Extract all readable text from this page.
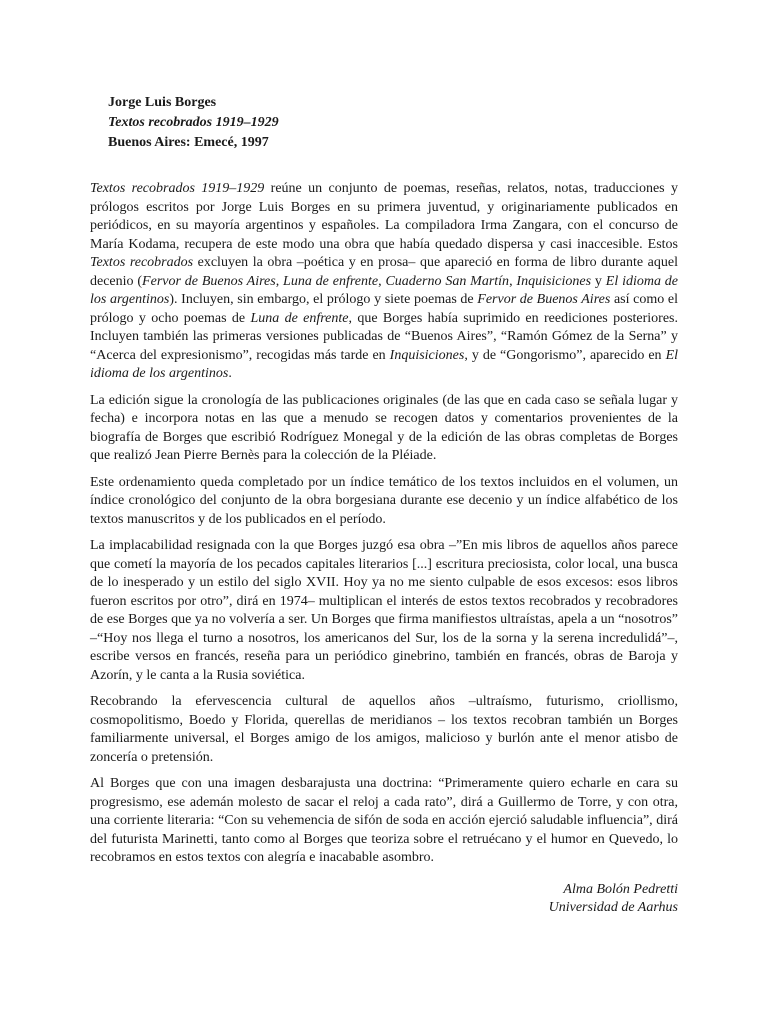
Jorge Luis Borges
Textos recobrados 1919–1929
Buenos Aires: Emecé, 1997

Textos recobrados 1919–1929 reúne un conjunto de poemas, reseñas, relatos, notas, traducciones y prólogos escritos por Jorge Luis Borges en su primera juventud, y originariamente publicados en periódicos, en su mayoría argentinos y españoles. La compiladora Irma Zangara, con el concurso de María Kodama, recupera de este modo una obra que había quedado dispersa y casi inaccesible. Estos Textos recobrados excluyen la obra –poética y en prosa– que apareció en forma de libro durante aquel decenio (Fervor de Buenos Aires, Luna de enfrente, Cuaderno San Martín, Inquisiciones y El idioma de los argentinos). Incluyen, sin embargo, el prólogo y siete poemas de Fervor de Buenos Aires así como el prólogo y ocho poemas de Luna de enfrente, que Borges había suprimido en reediciones posteriores. Incluyen también las primeras versiones publicadas de “Buenos Aires”, “Ramón Gómez de la Serna” y “Acerca del expresionismo”, recogidas más tarde en Inquisiciones, y de “Gongorismo”, aparecido en El idioma de los argentinos.

La edición sigue la cronología de las publicaciones originales (de las que en cada caso se señala lugar y fecha) e incorpora notas en las que a menudo se recogen datos y comentarios provenientes de la biografía de Borges que escribió Rodríguez Monegal y de la edición de las obras completas de Borges que realizó Jean Pierre Bernès para la colección de la Pléiade.

Este ordenamiento queda completado por un índice temático de los textos incluidos en el volumen, un índice cronológico del conjunto de la obra borgesiana durante ese decenio y un índice alfabético de los textos manuscritos y de los publicados en el período.

La implacabilidad resignada con la que Borges juzgó esa obra –”En mis libros de aquellos años parece que cometí la mayoría de los pecados capitales literarios [...] escritura preciosista, color local, una busca de lo inesperado y un estilo del siglo XVII. Hoy ya no me siento culpable de esos excesos: esos libros fueron escritos por otro”, dirá en 1974– multiplican el interés de estos textos recobrados y recobradores de ese Borges que ya no volvería a ser. Un Borges que firma manifiestos ultraístas, apela a un “nosotros” –“Hoy nos llega el turno a nosotros, los americanos del Sur, los de la sorna y la serena incredulidá”–, escribe versos en francés, reseña para un periódico ginebrino, también en francés, obras de Baroja y Azorín, y le canta a la Rusia soviética.

Recobrando la efervescencia cultural de aquellos años –ultraísmo, futurismo, criollismo, cosmopolitismo, Boedo y Florida, querellas de meridianos – los textos recobran también un Borges familiarmente universal, el Borges amigo de los amigos, malicioso y burlón ante el menor atisbo de zoncería o pretensión.

Al Borges que con una imagen desbarajusta una doctrina: “Primeramente quiero echarle en cara su progresismo, ese ademán molesto de sacar el reloj a cada rato”, dirá a Guillermo de Torre, y con otra, una corriente literaria: “Con su vehemencia de sifón de soda en acción ejerció saludable influencia”, dirá del futurista Marinetti, tanto como al Borges que teoriza sobre el retruécano y el humor en Quevedo, lo recobramos en estos textos con alegría e inacabable asombro.

Alma Bolón Pedretti
Universidad de Aarhus
